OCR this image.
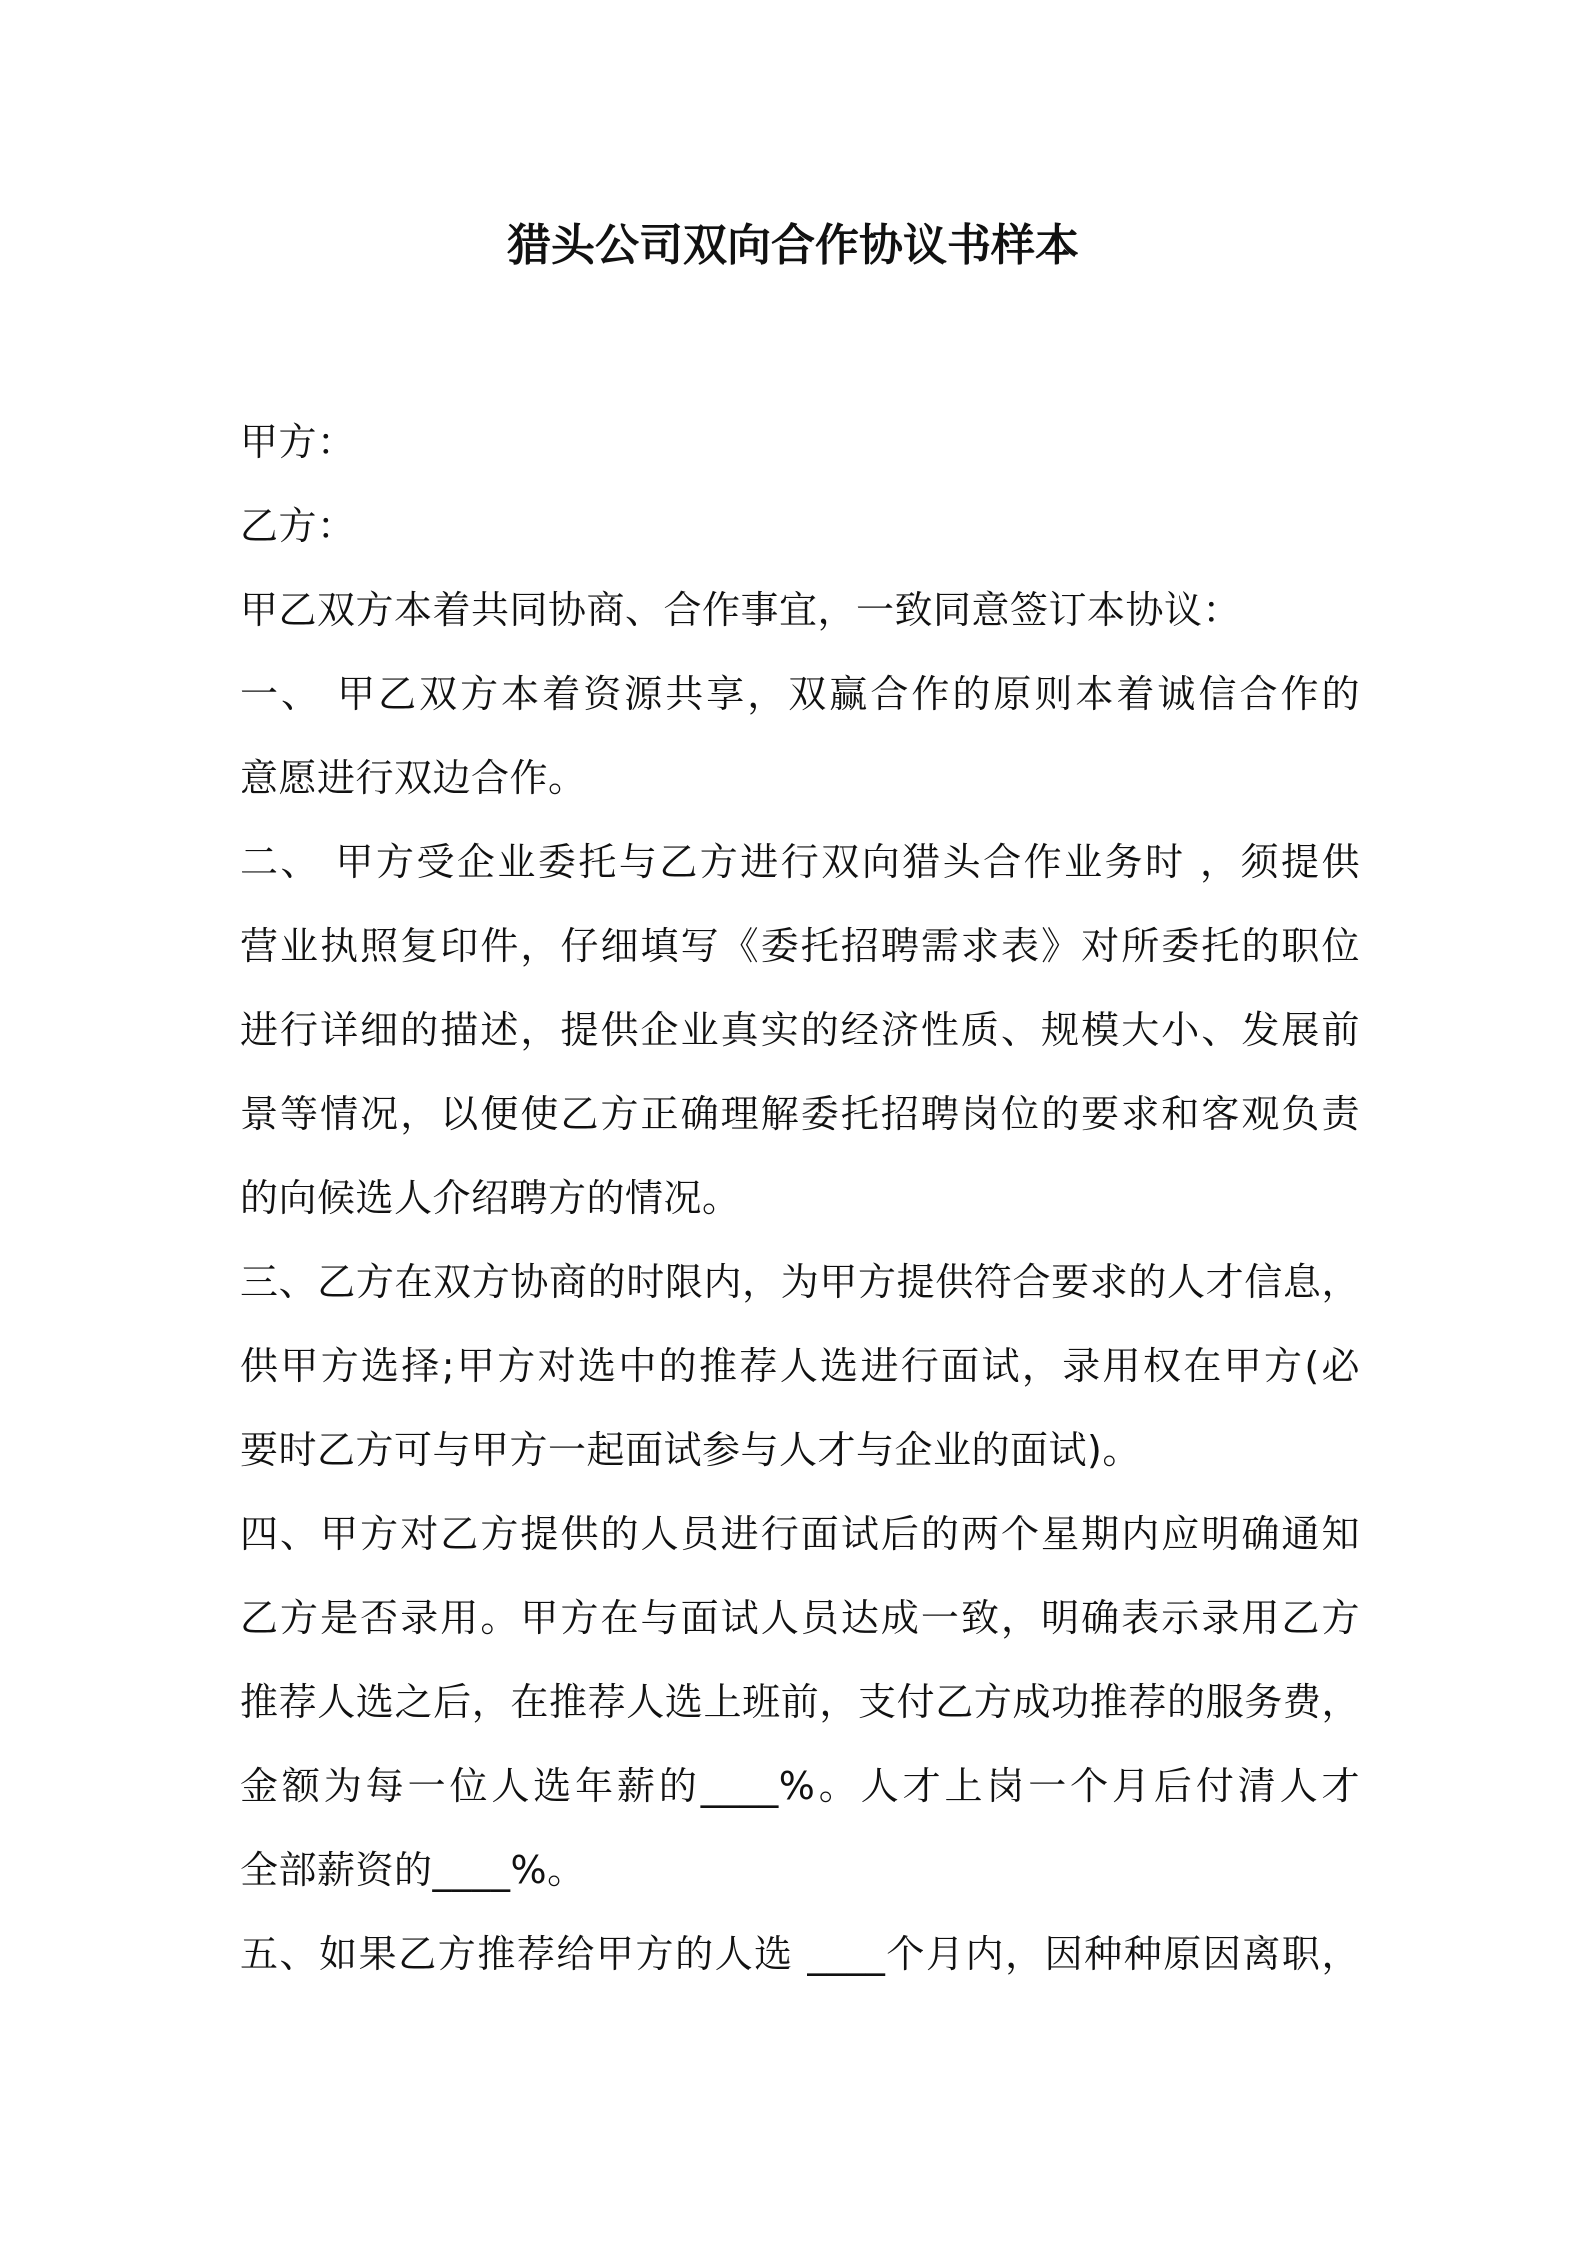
猎头公司双向合作协议书样本
甲方：
乙方：
甲乙双方本着共同协商、合作事宜，一致同意签订本协议：
一、 甲乙双方本着资源共享，双赢合作的原则本着诚信合作的
意愿进行双边合作。
二、 甲方受企业委托与乙方进行双向猎头合作业务时 ，须提供
营业执照复印件，仔细填写《委托招聘需求表》对所委托的职位
进行详细的描述，提供企业真实的经济性质、规模大小、发展前
景等情况，以便使乙方正确理解委托招聘岗位的要求和客观负责
的向候选人介绍聘方的情况。
三、乙方在双方协商的时限内，为甲方提供符合要求的人才信息，
供甲方选择;甲方对选中的推荐人选进行面试，录用权在甲方(必
要时乙方可与甲方一起面试参与人才与企业的面试)。
四、甲方对乙方提供的人员进行面试后的两个星期内应明确通知
乙方是否录用。甲方在与面试人员达成一致，明确表示录用乙方
推荐人选之后，在推荐人选上班前，支付乙方成功推荐的服务费，
金额为每一位人选年薪的____%。人才上岗一个月后付清人才
全部薪资的____%。
五、如果乙方推荐给甲方的人选 ____个月内，因种种原因离职，
